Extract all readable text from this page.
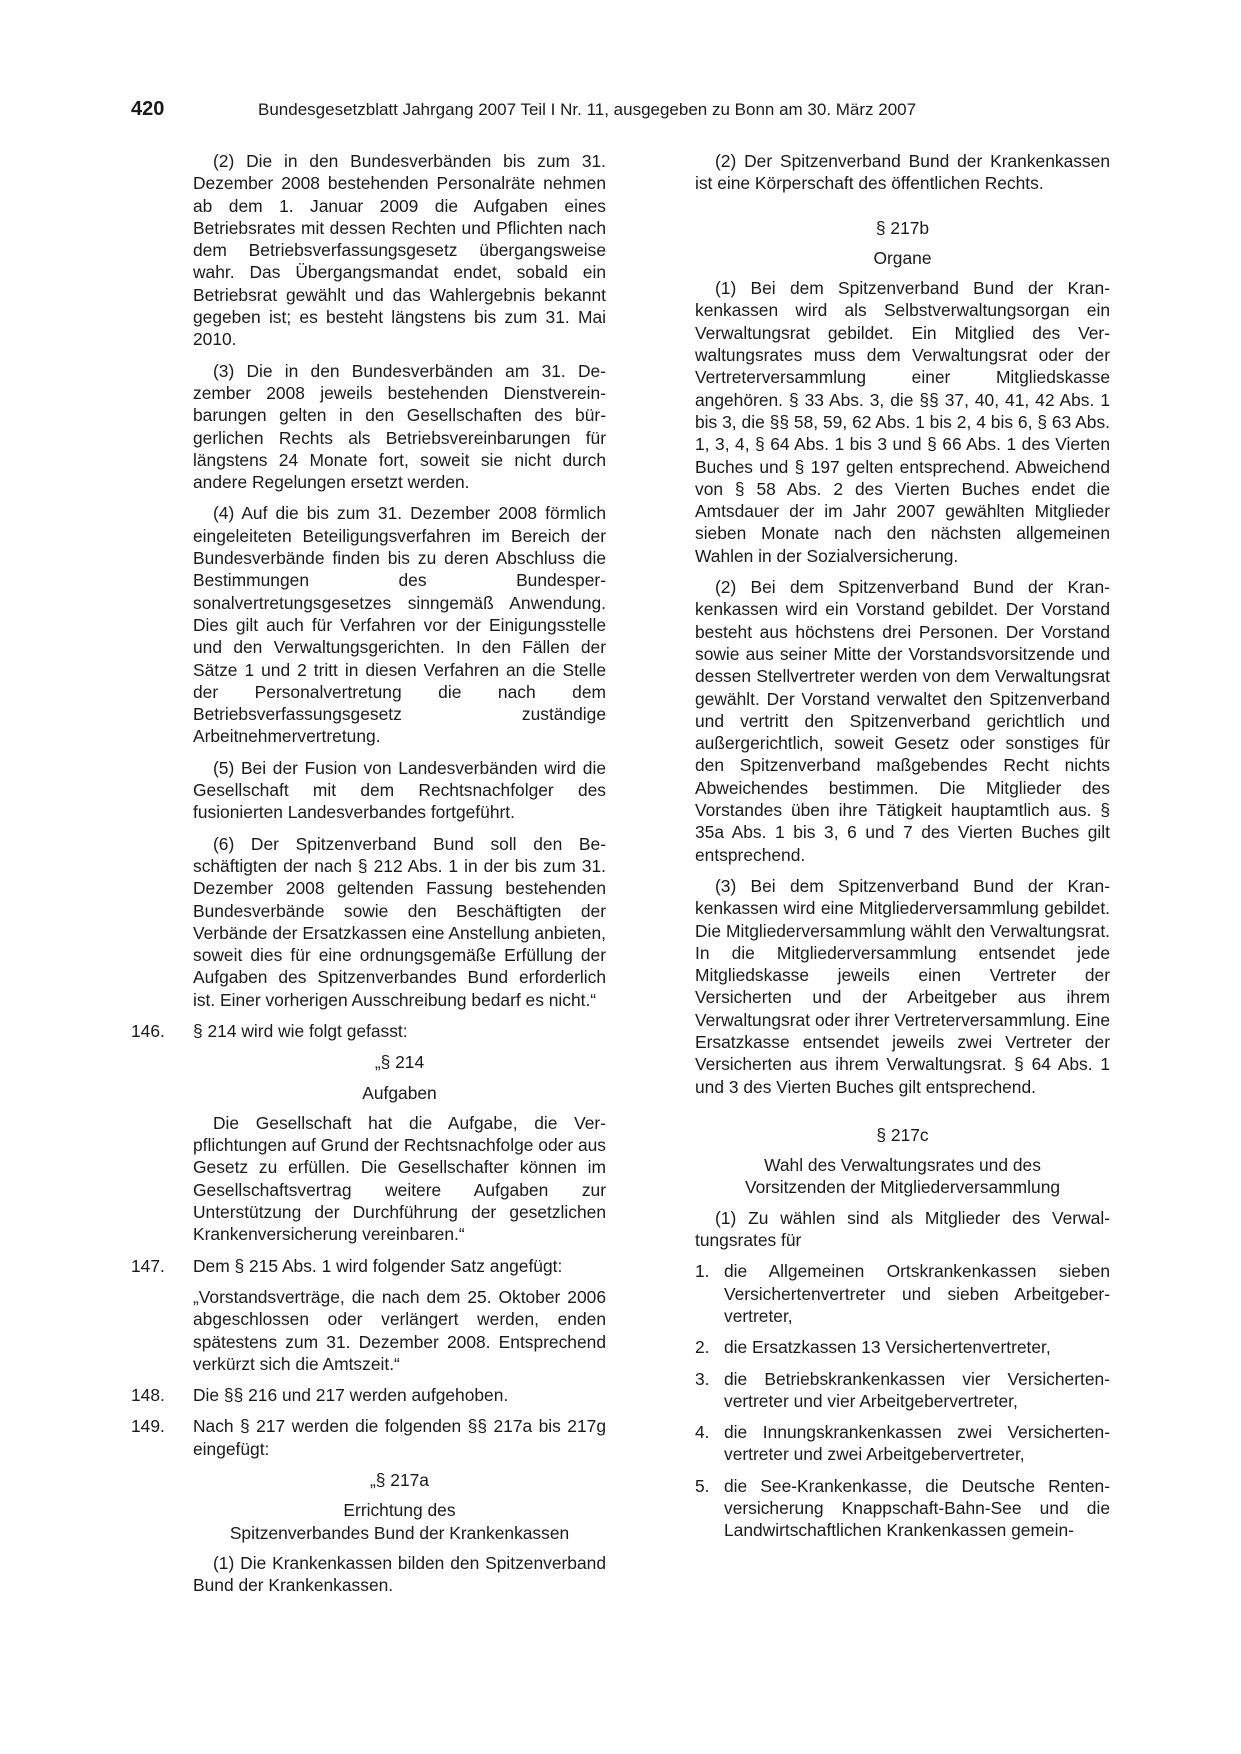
420	Bundesgesetzblatt Jahrgang 2007 Teil I Nr. 11, ausgegeben zu Bonn am 30. März 2007

(2) Die in den Bundesverbänden bis zum 31. Dezember 2008 bestehenden Personalräte nehmen ab dem 1. Januar 2009 die Aufgaben eines Betriebsrates mit dessen Rechten und Pflichten nach dem Betriebsverfassungsgesetz übergangsweise wahr. Das Übergangsmandat endet, sobald ein Betriebsrat gewählt und das Wahlergebnis bekannt gegeben ist; es besteht längstens bis zum 31. Mai 2010.

(3) Die in den Bundesverbänden am 31. Dezember 2008 jeweils bestehenden Dienstvereinbarungen gelten in den Gesellschaften des bürgerlichen Rechts als Betriebsvereinbarungen für längstens 24 Monate fort, soweit sie nicht durch andere Regelungen ersetzt werden.

(4) Auf die bis zum 31. Dezember 2008 förmlich eingeleiteten Beteiligungsverfahren im Bereich der Bundesverbände finden bis zu deren Abschluss die Bestimmungen des Bundespersonalvertretungsgesetzes sinngemäß Anwendung. Dies gilt auch für Verfahren vor der Einigungsstelle und den Verwaltungsgerichten. In den Fällen der Sätze 1 und 2 tritt in diesen Verfahren an die Stelle der Personalvertretung die nach dem Betriebsverfassungsgesetz zuständige Arbeitnehmervertretung.

(5) Bei der Fusion von Landesverbänden wird die Gesellschaft mit dem Rechtsnachfolger des fusionierten Landesverbandes fortgeführt.

(6) Der Spitzenverband Bund soll den Beschäftigten der nach § 212 Abs. 1 in der bis zum 31. Dezember 2008 geltenden Fassung bestehenden Bundesverbände sowie den Beschäftigten der Verbände der Ersatzkassen eine Anstellung anbieten, soweit dies für eine ordnungsgemäße Erfüllung der Aufgaben des Spitzenverbandes Bund erforderlich ist. Einer vorherigen Ausschreibung bedarf es nicht.“

146. § 214 wird wie folgt gefasst:
„§ 214
Aufgaben

Die Gesellschaft hat die Aufgabe, die Verpflichtungen auf Grund der Rechtsnachfolge oder aus Gesetz zu erfüllen. Die Gesellschafter können im Gesellschaftsvertrag weitere Aufgaben zur Unterstützung der Durchführung der gesetzlichen Krankenversicherung vereinbaren.“

147. Dem § 215 Abs. 1 wird folgender Satz angefügt:

„Vorstandsverträge, die nach dem 25. Oktober 2006 abgeschlossen oder verlängert werden, enden spätestens zum 31. Dezember 2008. Entsprechend verkürzt sich die Amtszeit.“

148. Die §§ 216 und 217 werden aufgehoben.
149. Nach § 217 werden die folgenden §§ 217a bis 217g eingefügt:
„§ 217a
Errichtung des
Spitzenverbandes Bund der Krankenkassen

(1) Die Krankenkassen bilden den Spitzenverband Bund der Krankenkassen.

(2) Der Spitzenverband Bund der Krankenkassen ist eine Körperschaft des öffentlichen Rechts.

§ 217b
Organe

(1) Bei dem Spitzenverband Bund der Krankenkassen wird als Selbstverwaltungsorgan ein Verwaltungsrat gebildet. Ein Mitglied des Verwaltungsrates muss dem Verwaltungsrat oder der Vertreterversammlung einer Mitgliedskasse angehören. § 33 Abs. 3, die §§ 37, 40, 41, 42 Abs. 1 bis 3, die §§ 58, 59, 62 Abs. 1 bis 2, 4 bis 6, § 63 Abs. 1, 3, 4, § 64 Abs. 1 bis 3 und § 66 Abs. 1 des Vierten Buches und § 197 gelten entsprechend. Abweichend von § 58 Abs. 2 des Vierten Buches endet die Amtsdauer der im Jahr 2007 gewählten Mitglieder sieben Monate nach den nächsten allgemeinen Wahlen in der Sozialversicherung.

(2) Bei dem Spitzenverband Bund der Krankenkassen wird ein Vorstand gebildet. Der Vorstand besteht aus höchstens drei Personen. Der Vorstand sowie aus seiner Mitte der Vorstandsvorsitzende und dessen Stellvertreter werden von dem Verwaltungsrat gewählt. Der Vorstand verwaltet den Spitzenverband und vertritt den Spitzenverband gerichtlich und außergerichtlich, soweit Gesetz oder sonstiges für den Spitzenverband maßgebendes Recht nichts Abweichendes bestimmen. Die Mitglieder des Vorstandes üben ihre Tätigkeit hauptamtlich aus. § 35a Abs. 1 bis 3, 6 und 7 des Vierten Buches gilt entsprechend.

(3) Bei dem Spitzenverband Bund der Krankenkassen wird eine Mitgliederversammlung gebildet. Die Mitgliederversammlung wählt den Verwaltungsrat. In die Mitgliederversammlung entsendet jede Mitgliedskasse jeweils einen Vertreter der Versicherten und der Arbeitgeber aus ihrem Verwaltungsrat oder ihrer Vertreterversammlung. Eine Ersatzkasse entsendet jeweils zwei Vertreter der Versicherten aus ihrem Verwaltungsrat. § 64 Abs. 1 und 3 des Vierten Buches gilt entsprechend.

§ 217c
Wahl des Verwaltungsrates und des
Vorsitzenden der Mitgliederversammlung

(1) Zu wählen sind als Mitglieder des Verwaltungsrates für

1. die Allgemeinen Ortskrankenkassen sieben Versichertenvertreter und sieben Arbeitgebervertreter,
2. die Ersatzkassen 13 Versichertenvertreter,
3. die Betriebskrankenkassen vier Versichertenvertreter und vier Arbeitgebervertreter,
4. die Innungskrankenkassen zwei Versichertenvertreter und zwei Arbeitgebervertreter,
5. die See-Krankenkasse, die Deutsche Rentenversicherung Knappschaft-Bahn-See und die Landwirtschaftlichen Krankenkassen gemein-
